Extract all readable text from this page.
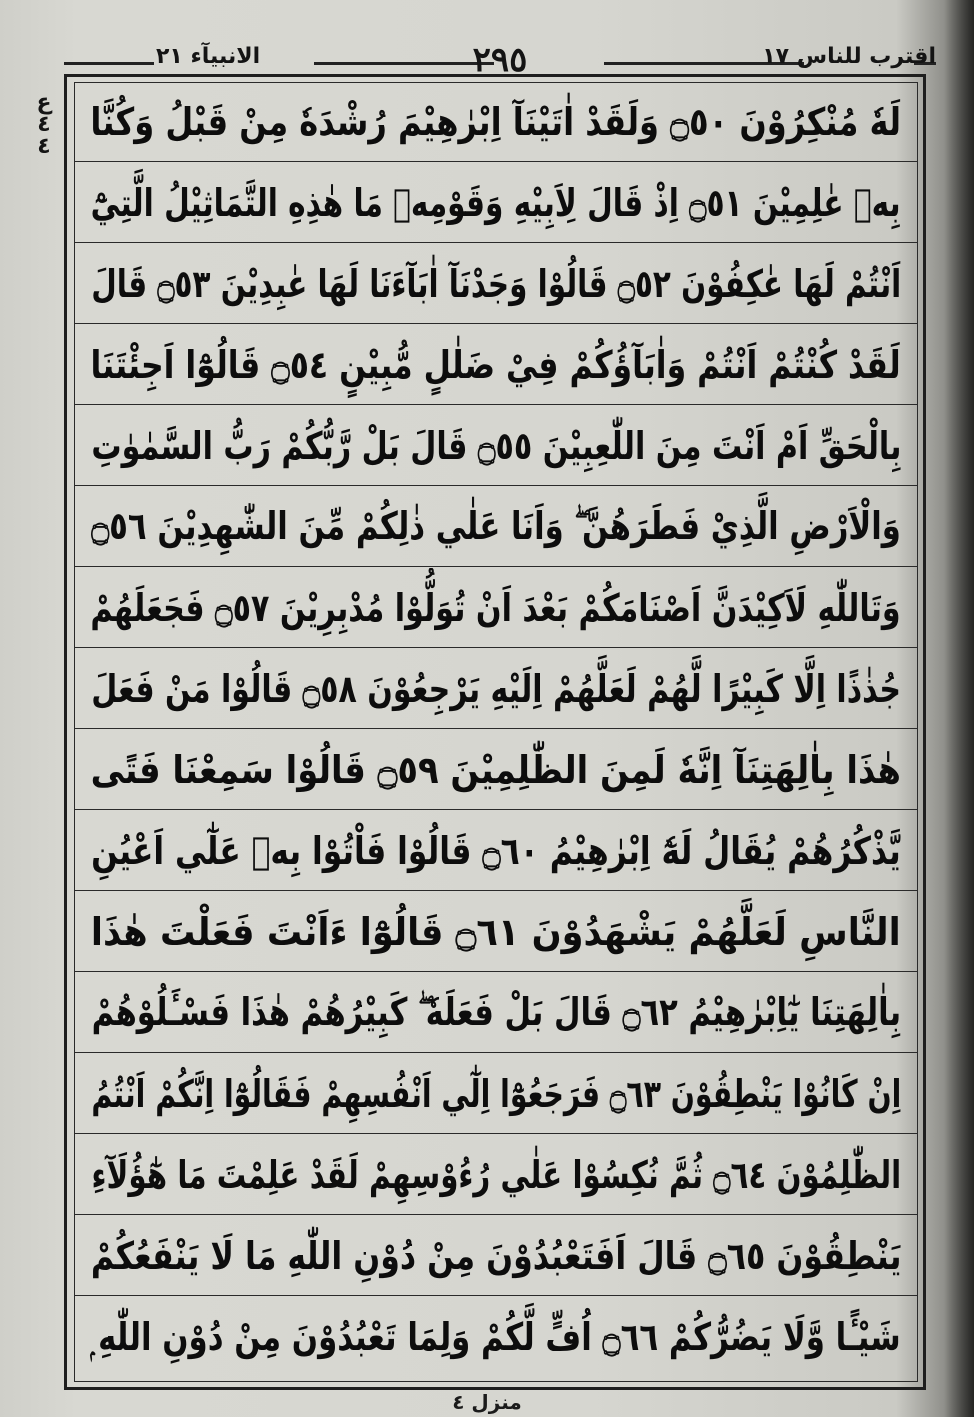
اقترب للناس ١٧
٢٩٥
الانبيآء ٢١
ع
٤
٤
لَهٗ مُنْكِرُوْنَ ۝٥٠ وَلَقَدْ اٰتَيْنَآ اِبْرٰهِيْمَ رُشْدَهٗ مِنْ قَبْلُ وَكُنَّا
بِهٖ عٰلِمِيْنَ ۝٥١ اِذْ قَالَ لِاَبِيْهِ وَقَوْمِهٖ مَا هٰذِهِ التَّمَاثِيْلُ الَّتِيْٓ
اَنْتُمْ لَهَا عٰكِفُوْنَ ۝٥٢ قَالُوْا وَجَدْنَآ اٰبَآءَنَا لَهَا عٰبِدِيْنَ ۝٥٣ قَالَ
لَقَدْ كُنْتُمْ اَنْتُمْ وَاٰبَآؤُكُمْ فِيْ ضَلٰلٍ مُّبِيْنٍ ۝٥٤ قَالُوْٓا اَجِئْتَنَا
بِالْحَقِّ اَمْ اَنْتَ مِنَ اللّٰعِبِيْنَ ۝٥٥ قَالَ بَلْ رَّبُّكُمْ رَبُّ السَّمٰوٰتِ
وَالْاَرْضِ الَّذِيْ فَطَرَهُنَّ ۖ وَاَنَا عَلٰي ذٰلِكُمْ مِّنَ الشّٰهِدِيْنَ ۝٥٦
وَتَاللّٰهِ لَاَكِيْدَنَّ اَصْنَامَكُمْ بَعْدَ اَنْ تُوَلُّوْا مُدْبِرِيْنَ ۝٥٧ فَجَعَلَهُمْ
جُذٰذًا اِلَّا كَبِيْرًا لَّهُمْ لَعَلَّهُمْ اِلَيْهِ يَرْجِعُوْنَ ۝٥٨ قَالُوْا مَنْ فَعَلَ
هٰذَا بِاٰلِهَتِنَآ اِنَّهٗ لَمِنَ الظّٰلِمِيْنَ ۝٥٩ قَالُوْا سَمِعْنَا فَتًى
يَّذْكُرُهُمْ يُقَالُ لَهٗٓ اِبْرٰهِيْمُ ۝٦٠ قَالُوْا فَاْتُوْا بِهٖ عَلٰٓي اَعْيُنِ
النَّاسِ لَعَلَّهُمْ يَشْهَدُوْنَ ۝٦١ قَالُوْٓا ءَاَنْتَ فَعَلْتَ هٰذَا
بِاٰلِهَتِنَا يٰٓاِبْرٰهِيْمُ ۝٦٢ قَالَ بَلْ فَعَلَهٗ ۖ كَبِيْرُهُمْ هٰذَا فَسْـَٔلُوْهُمْ
اِنْ كَانُوْا يَنْطِقُوْنَ ۝٦٣ فَرَجَعُوْٓا اِلٰٓي اَنْفُسِهِمْ فَقَالُوْٓا اِنَّكُمْ اَنْتُمُ
الظّٰلِمُوْنَ ۝٦٤ ثُمَّ نُكِسُوْا عَلٰي رُءُوْسِهِمْ لَقَدْ عَلِمْتَ مَا هٰٓؤُلَآءِ
يَنْطِقُوْنَ ۝٦٥ قَالَ اَفَتَعْبُدُوْنَ مِنْ دُوْنِ اللّٰهِ مَا لَا يَنْفَعُكُمْ
شَيْـًٔا وَّلَا يَضُرُّكُمْ ۝٦٦ اُفٍّ لَّكُمْ وَلِمَا تَعْبُدُوْنَ مِنْ دُوْنِ اللّٰهِ ۭ
منزل ٤
